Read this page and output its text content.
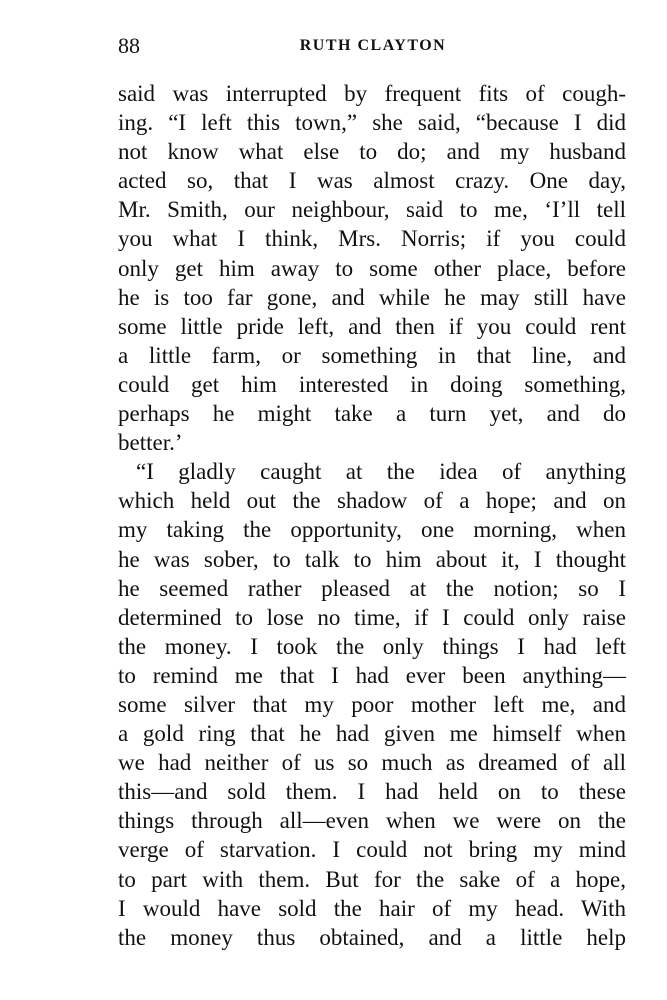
88	RUTH CLAYTON
said was interrupted by frequent fits of cough-
ing. “I left this town,” she said, “because I did
not know what else to do; and my husband
acted so, that I was almost crazy. One day,
Mr. Smith, our neighbour, said to me, ‘I’ll tell
you what I think, Mrs. Norris; if you could
only get him away to some other place, before
he is too far gone, and while he may still have
some little pride left, and then if you could rent
a little farm, or something in that line, and
could get him interested in doing something,
perhaps he might take a turn yet, and do
better.’
“I gladly caught at the idea of anything
which held out the shadow of a hope; and on
my taking the opportunity, one morning, when
he was sober, to talk to him about it, I thought
he seemed rather pleased at the notion; so I
determined to lose no time, if I could only raise
the money. I took the only things I had left
to remind me that I had ever been anything—
some silver that my poor mother left me, and
a gold ring that he had given me himself when
we had neither of us so much as dreamed of all
this—and sold them. I had held on to these
things through all—even when we were on the
verge of starvation. I could not bring my mind
to part with them. But for the sake of a hope,
I would have sold the hair of my head. With
the money thus obtained, and a little help
